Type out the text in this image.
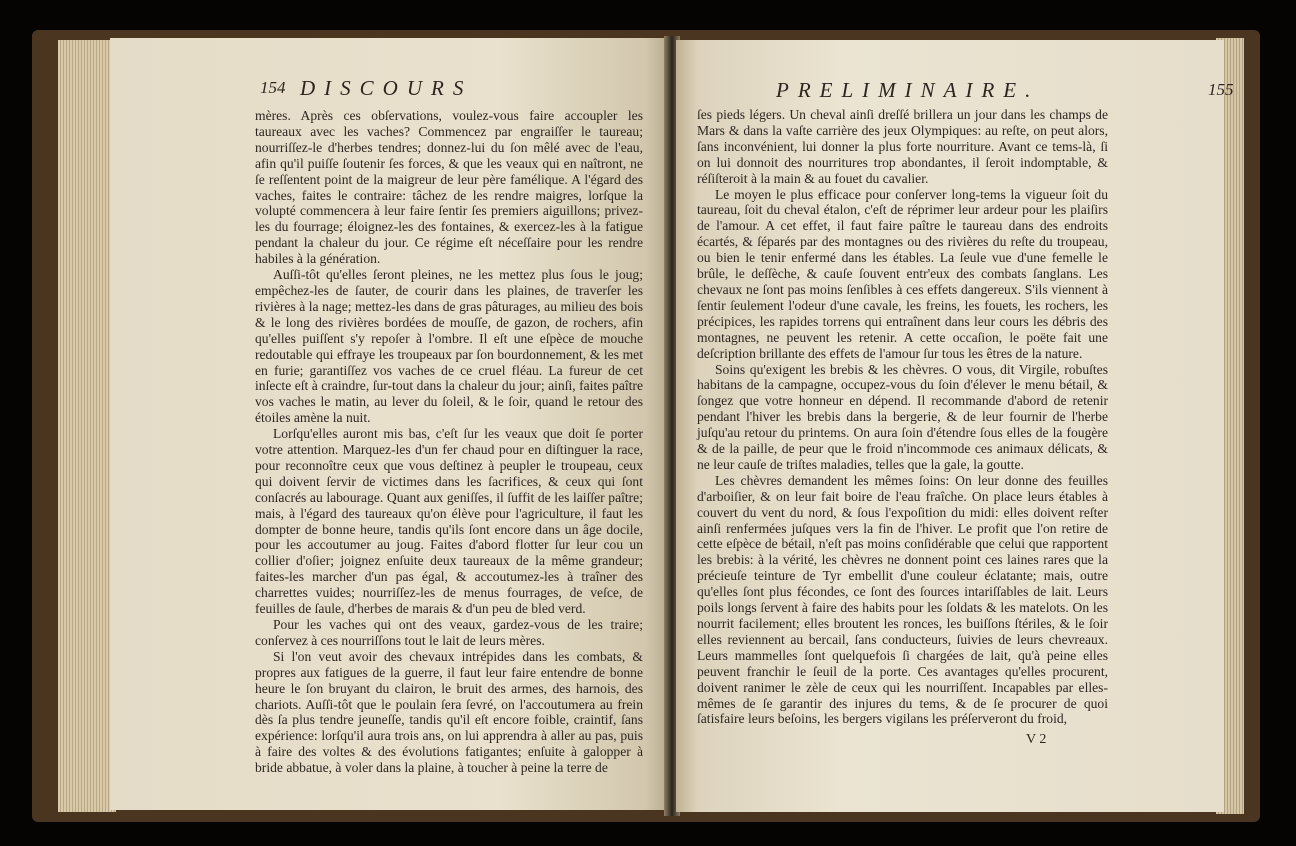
154 DISCOURS

mères. Après ces obſervations, voulez-vous faire accoupler les taureaux avec les vaches? Commencez par engraiſſer le taureau; nourriſſez-le d'herbes tendres; donnez-lui du ſon mêlé avec de l'eau, afin qu'il puiſſe ſoutenir ſes forces, & que les veaux qui en naîtront, ne ſe reſſentent point de la maigreur de leur père famélique. A l'égard des vaches, faites le contraire: tâchez de les rendre maigres, lorſque la volupté commencera à leur faire ſentir ſes premiers aiguillons; privez-les du fourrage; éloignez-les des fontaines, & exercez-les à la fatigue pendant la chaleur du jour. Ce régime eſt néceſſaire pour les rendre habiles à la génération.

Auſſi-tôt qu'elles ſeront pleines, ne les mettez plus ſous le joug; empêchez-les de ſauter, de courir dans les plaines, de traverſer les rivières à la nage; mettez-les dans de gras pâturages, au milieu des bois & le long des rivières bordées de mouſſe, de gazon, de rochers, afin qu'elles puiſſent s'y repoſer à l'ombre. Il eſt une eſpèce de mouche redoutable qui effraye les troupeaux par ſon bourdonnement, & les met en furie; garantiſſez vos vaches de ce cruel fléau. La fureur de cet inſecte eſt à craindre, ſur-tout dans la chaleur du jour; ainſi, faites paître vos vaches le matin, au lever du ſoleil, & le ſoir, quand le retour des étoiles amène la nuit.

Lorſqu'elles auront mis bas, c'eſt ſur les veaux que doit ſe porter votre attention. Marquez-les d'un fer chaud pour en diſtinguer la race, pour reconnoître ceux que vous deſtinez à peupler le troupeau, ceux qui doivent ſervir de victimes dans les ſacrifices, & ceux qui ſont conſacrés au labourage. Quant aux geniſſes, il ſuffit de les laiſſer paître; mais, à l'égard des taureaux qu'on élève pour l'agriculture, il faut les dompter de bonne heure, tandis qu'ils ſont encore dans un âge docile, pour les accoutumer au joug. Faites d'abord flotter ſur leur cou un collier d'oſier; joignez enſuite deux taureaux de la même grandeur; faites-les marcher d'un pas égal, & accoutumez-les à traîner des charrettes vuides; nourriſſez-les de menus fourrages, de veſce, de feuilles de ſaule, d'herbes de marais & d'un peu de bled verd.

Pour les vaches qui ont des veaux, gardez-vous de les traire; conſervez à ces nourriſſons tout le lait de leurs mères.

Si l'on veut avoir des chevaux intrépides dans les combats, & propres aux fatigues de la guerre, il faut leur faire entendre de bonne heure le ſon bruyant du clairon, le bruit des armes, des harnois, des chariots. Auſſi-tôt que le poulain ſera ſevré, on l'accoutumera au frein dès ſa plus tendre jeuneſſe, tandis qu'il eſt encore foible, craintif, ſans expérience: lorſqu'il aura trois ans, on lui apprendra à aller au pas, puis à faire des voltes & des évolutions fatigantes; enſuite à galopper à bride abbatue, à voler dans la plaine, à toucher à peine la terre de

PRELIMINAIRE.	155

ſes pieds légers. Un cheval ainſi dreſſé brillera un jour dans les champs de Mars & dans la vaſte carrière des jeux Olympiques: au reſte, on peut alors, ſans inconvénient, lui donner la plus forte nourriture. Avant ce tems-là, ſi on lui donnoit des nourritures trop abondantes, il ſeroit indomptable, & réſiſteroit à la main & au fouet du cavalier.

Le moyen le plus efficace pour conſerver long-tems la vigueur ſoit du taureau, ſoit du cheval étalon, c'eſt de réprimer leur ardeur pour les plaiſirs de l'amour. A cet effet, il faut faire paître le taureau dans des endroits écartés, & ſéparés par des montagnes ou des rivières du reſte du troupeau, ou bien le tenir enfermé dans les étables. La ſeule vue d'une femelle le brûle, le deſſèche, & cauſe ſouvent entr'eux des combats ſanglans. Les chevaux ne ſont pas moins ſenſibles à ces effets dangereux. S'ils viennent à ſentir ſeulement l'odeur d'une cavale, les freins, les fouets, les rochers, les précipices, les rapides torrens qui entraînent dans leur cours les débris des montagnes, ne peuvent les retenir. A cette occaſion, le poëte fait une deſcription brillante des effets de l'amour ſur tous les êtres de la nature.

Soins qu'exigent les brebis & les chèvres. O vous, dit Virgile, robuſtes habitans de la campagne, occupez-vous du ſoin d'élever le menu bétail, & ſongez que votre honneur en dépend. Il recommande d'abord de retenir pendant l'hiver les brebis dans la bergerie, & de leur fournir de l'herbe juſqu'au retour du printems. On aura ſoin d'étendre ſous elles de la fougère & de la paille, de peur que le froid n'incommode ces animaux délicats, & ne leur cauſe de triſtes maladies, telles que la gale, la goutte.

Les chèvres demandent les mêmes ſoins: On leur donne des feuilles d'arboiſier, & on leur fait boire de l'eau fraîche. On place leurs étables à couvert du vent du nord, & ſous l'expoſition du midi: elles doivent reſter ainſi renfermées juſques vers la fin de l'hiver. Le profit que l'on retire de cette eſpèce de bétail, n'eſt pas moins conſidérable que celui que rapportent les brebis: à la vérité, les chèvres ne donnent point ces laines rares que la précieuſe teinture de Tyr embellit d'une couleur éclatante; mais, outre qu'elles ſont plus fécondes, ce ſont des ſources intariſſables de lait. Leurs poils longs ſervent à faire des habits pour les ſoldats & les matelots. On les nourrit facilement; elles broutent les ronces, les buiſſons ſtériles, & le ſoir elles reviennent au bercail, ſans conducteurs, ſuivies de leurs chevreaux. Leurs mammelles ſont quelquefois ſi chargées de lait, qu'à peine elles peuvent franchir le ſeuil de la porte. Ces avantages qu'elles procurent, doivent ranimer le zèle de ceux qui les nourriſſent. Incapables par elles-mêmes de ſe garantir des injures du tems, & de ſe procurer de quoi ſatisfaire leurs beſoins, les bergers vigilans les préſerveront du froid,

V 2
